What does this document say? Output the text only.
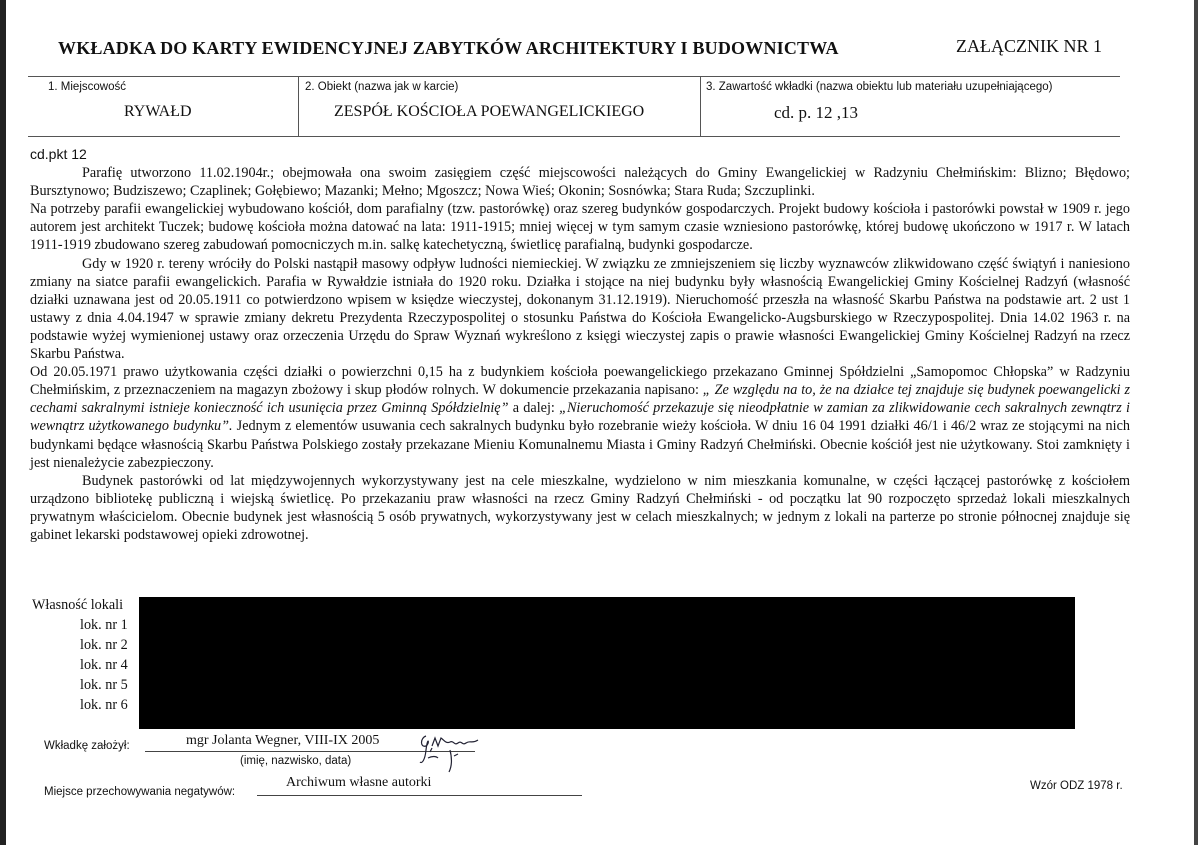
WKŁADKA DO KARTY EWIDENCYJNEJ ZABYTKÓW ARCHITEKTURY I BUDOWNICTWA	ZAŁĄCZNIK NR 1
1. Miejscowość
RYWAŁD
2. Obiekt (nazwa jak w karcie)
ZESPÓŁ KOŚCIOŁA POEWANGELICKIEGO
3. Zawartość wkładki (nazwa obiektu lub materiału uzupełniającego)
cd. p. 12 ,13
cd.pkt 12

Parafię utworzono 11.02.1904r.; obejmowała ona swoim zasięgiem część miejscowości należących do Gminy Ewangelickiej w Radzyniu Chełmińskim: Blizno; Błędowo; Bursztynowo; Budziszewo; Czaplinek; Gołębiewo; Mazanki; Mełno; Mgoszcz; Nowa Wieś; Okonin; Sosnówka; Stara Ruda; Szczuplinki.

Na potrzeby parafii ewangelickiej wybudowano kościół, dom parafialny (tzw. pastorówkę) oraz szereg budynków gospodarczych. Projekt budowy kościoła i pastorówki powstał w 1909 r. jego autorem jest architekt Tuczek; budowę kościoła można datować na lata: 1911-1915; mniej więcej w tym samym czasie wzniesiono pastorówkę, której budowę ukończono w 1917 r. W latach 1911-1919 zbudowano szereg zabudowań pomocniczych m.in. salkę katechetyczną, świetlicę parafialną, budynki gospodarcze.

Gdy w 1920 r. tereny wróciły do Polski nastąpił masowy odpływ ludności niemieckiej. W związku ze zmniejszeniem się liczby wyznawców zlikwidowano część świątyń i naniesiono zmiany na siatce parafii ewangelickich. Parafia w Rywałdzie istniała do 1920 roku. Działka i stojące na niej budynku były własnością Ewangelickiej Gminy Kościelnej Radzyń (własność działki uznawana jest od 20.05.1911 co potwierdzono wpisem w księdze wieczystej, dokonanym 31.12.1919). Nieruchomość przeszła na własność Skarbu Państwa na podstawie art. 2 ust 1 ustawy z dnia 4.04.1947 w sprawie zmiany dekretu Prezydenta Rzeczypospolitej o stosunku Państwa do Kościoła Ewangelicko-Augsburskiego w Rzeczypospolitej. Dnia 14.02 1963 r. na podstawie wyżej wymienionej ustawy oraz orzeczenia Urzędu do Spraw Wyznań wykreślono z księgi wieczystej zapis o prawie własności Ewangelickiej Gminy Kościelnej Radzyń na rzecz Skarbu Państwa.

Od 20.05.1971 prawo użytkowania części działki o powierzchni 0,15 ha z budynkiem kościoła poewangelickiego przekazano Gminnej Spółdzielni „Samopomoc Chłopska” w Radzyniu Chełmińskim, z przeznaczeniem na magazyn zbożowy i skup płodów rolnych. W dokumencie przekazania napisano: „ Ze względu na to, że na działce tej znajduje się budynek poewangelicki z cechami sakralnymi istnieje konieczność ich usunięcia przez Gminną Spółdzielnię” a dalej: „Nieruchomość przekazuje się nieodpłatnie w zamian za zlikwidowanie cech sakralnych zewnątrz i wewnątrz użytkowanego budynku”. Jednym z elementów usuwania cech sakralnych budynku było rozebranie wieży kościoła. W dniu 16 04 1991 działki 46/1 i 46/2 wraz ze stojącymi na nich budynkami będące własnością Skarbu Państwa Polskiego zostały przekazane Mieniu Komunalnemu Miasta i Gminy Radzyń Chełmiński. Obecnie kościół jest nie użytkowany. Stoi zamknięty i jest nienależycie zabezpieczony.

Budynek pastorówki od lat międzywojennych wykorzystywany jest na cele mieszkalne, wydzielono w nim mieszkania komunalne, w części łączącej pastorówkę z kościołem urządzono bibliotekę publiczną i wiejską świetlicę. Po przekazaniu praw własności na rzecz Gminy Radzyń Chełmiński - od początku lat 90 rozpoczęto sprzedaż lokali mieszkalnych prywatnym właścicielom. Obecnie budynek jest własnością 5 osób prywatnych, wykorzystywany jest w celach mieszkalnych; w jednym z lokali na parterze po stronie północnej znajduje się gabinet lekarski podstawowej opieki zdrowotnej.

Własność lokali
lok. nr 1
lok. nr 2
lok. nr 4
lok. nr 5
lok. nr 6
Wkładkę założył:	mgr Jolanta Wegner, VIII-IX 2005
(imię, nazwisko, data)
Miejsce przechowywania negatywów:
Archiwum własne autorki	Wzór ODZ 1978 r.
